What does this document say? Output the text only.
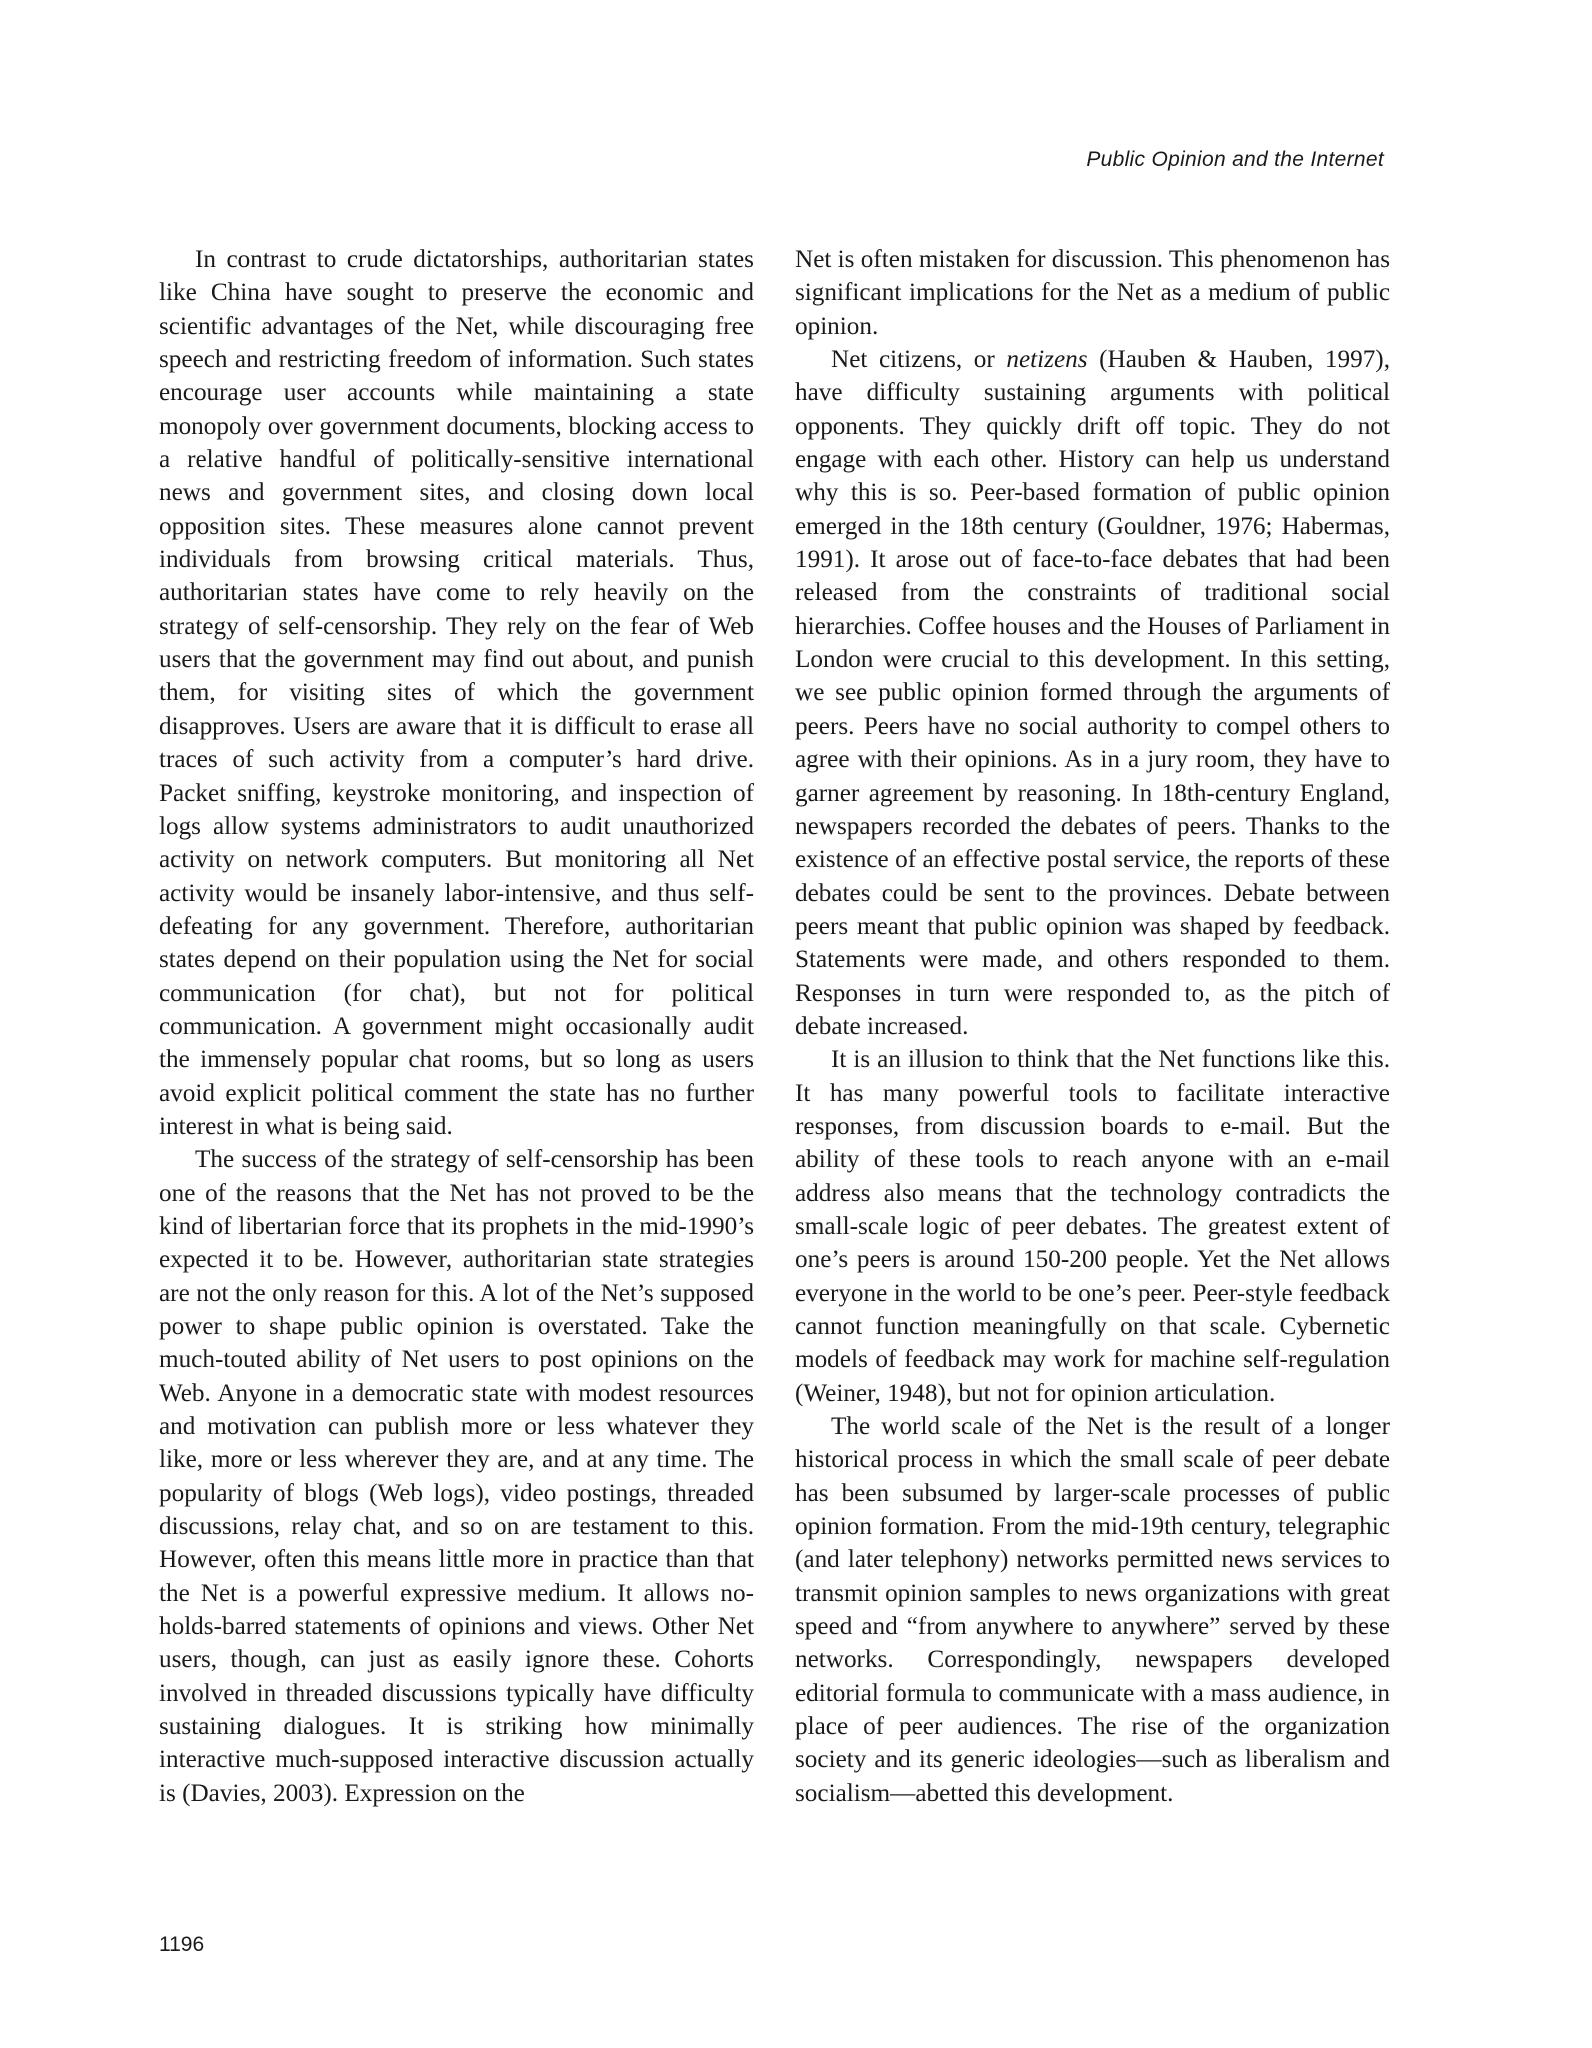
Public Opinion and the Internet

In contrast to crude dictatorships, authoritarian states like China have sought to preserve the economic and scientific advantages of the Net, while discouraging free speech and restricting freedom of information. Such states encourage user accounts while maintaining a state monopoly over government documents, blocking access to a relative handful of politically-sensitive international news and government sites, and closing down local opposition sites. These measures alone cannot prevent individuals from browsing critical materials. Thus, authoritarian states have come to rely heavily on the strategy of self-censorship. They rely on the fear of Web users that the government may find out about, and punish them, for visiting sites of which the government disapproves. Users are aware that it is difficult to erase all traces of such activity from a computer’s hard drive. Packet sniffing, keystroke monitoring, and inspection of logs allow systems administrators to audit unauthorized activity on network computers. But monitoring all Net activity would be insanely labor-intensive, and thus self-defeating for any government. Therefore, authoritarian states depend on their population using the Net for social communication (for chat), but not for political communication. A government might occasionally audit the immensely popular chat rooms, but so long as users avoid explicit political comment the state has no further interest in what is being said.

The success of the strategy of self-censorship has been one of the reasons that the Net has not proved to be the kind of libertarian force that its prophets in the mid-1990’s expected it to be. However, authoritarian state strategies are not the only reason for this. A lot of the Net’s supposed power to shape public opinion is overstated. Take the much-touted ability of Net users to post opinions on the Web. Anyone in a democratic state with modest resources and motivation can publish more or less whatever they like, more or less wherever they are, and at any time. The popularity of blogs (Web logs), video postings, threaded discussions, relay chat, and so on are testament to this. However, often this means little more in practice than that the Net is a powerful expressive medium. It allows no-holds-barred statements of opinions and views. Other Net users, though, can just as easily ignore these. Cohorts involved in threaded discussions typically have difficulty sustaining dialogues. It is striking how minimally interactive much-supposed interactive discussion actually is (Davies, 2003). Expression on the

Net is often mistaken for discussion. This phenomenon has significant implications for the Net as a medium of public opinion.

Net citizens, or netizens (Hauben & Hauben, 1997), have difficulty sustaining arguments with political opponents. They quickly drift off topic. They do not engage with each other. History can help us understand why this is so. Peer-based formation of public opinion emerged in the 18th century (Gouldner, 1976; Habermas, 1991). It arose out of face-to-face debates that had been released from the constraints of traditional social hierarchies. Coffee houses and the Houses of Parliament in London were crucial to this development. In this setting, we see public opinion formed through the arguments of peers. Peers have no social authority to compel others to agree with their opinions. As in a jury room, they have to garner agreement by reasoning. In 18th-century England, newspapers recorded the debates of peers. Thanks to the existence of an effective postal service, the reports of these debates could be sent to the provinces. Debate between peers meant that public opinion was shaped by feedback. Statements were made, and others responded to them. Responses in turn were responded to, as the pitch of debate increased.

It is an illusion to think that the Net functions like this. It has many powerful tools to facilitate interactive responses, from discussion boards to e-mail. But the ability of these tools to reach anyone with an e-mail address also means that the technology contradicts the small-scale logic of peer debates. The greatest extent of one’s peers is around 150-200 people. Yet the Net allows everyone in the world to be one’s peer. Peer-style feedback cannot function meaningfully on that scale. Cybernetic models of feedback may work for machine self-regulation (Weiner, 1948), but not for opinion articulation.

The world scale of the Net is the result of a longer historical process in which the small scale of peer debate has been subsumed by larger-scale processes of public opinion formation. From the mid-19th century, telegraphic (and later telephony) networks permitted news services to transmit opinion samples to news organizations with great speed and “from anywhere to anywhere” served by these networks. Correspondingly, newspapers developed editorial formula to communicate with a mass audience, in place of peer audiences. The rise of the organization society and its generic ideologies—such as liberalism and socialism—abetted this development.

1196
